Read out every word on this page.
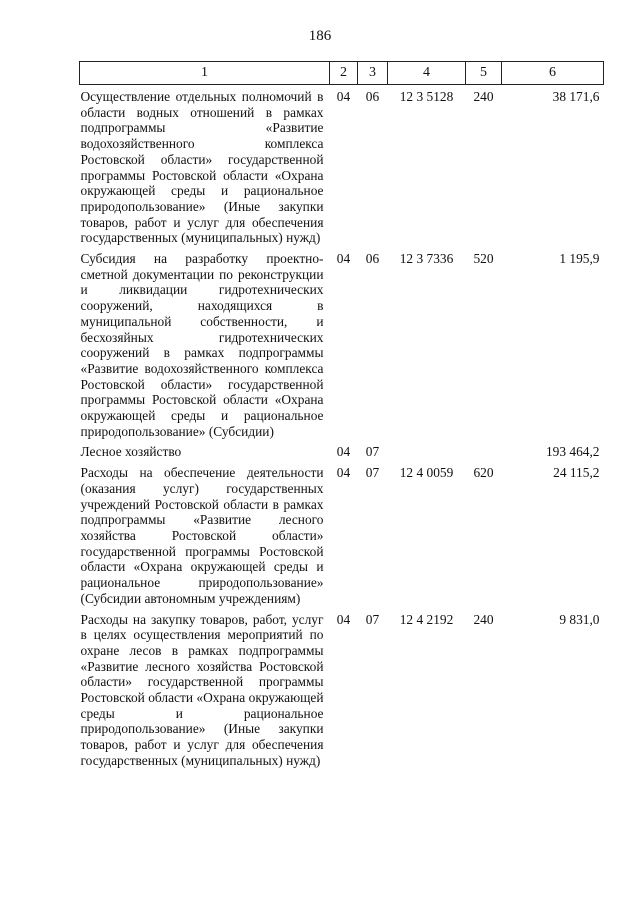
186
1	2	3	4	5	6
Осуществление отдельных полномочий в области водных отношений в рамках подпрограммы «Развитие водохозяйственного комплекса Ростовской области» государственной программы Ростовской области «Охрана окружающей среды и рациональное природопользование» (Иные закупки товаров, работ и услуг для обеспечения государственных (муниципальных) нужд)	04	06	12 3 5128	240	38 171,6
Субсидия на разработку проектно-сметной документации по реконструкции и ликвидации гидротехнических сооружений, находящихся в муниципальной собственности, и бесхозяйных гидротехнических сооружений в рамках подпрограммы «Развитие водохозяйственного комплекса Ростовской области» государственной программы Ростовской области «Охрана окружающей среды и рациональное природопользование» (Субсидии)	04	06	12 3 7336	520	1 195,9
Лесное хозяйство	04	07			193 464,2
Расходы на обеспечение деятельности (оказания услуг) государственных учреждений Ростовской области в рамках подпрограммы «Развитие лесного хозяйства Ростовской области» государственной программы Ростовской области «Охрана окружающей среды и рациональное природопользование» (Субсидии автономным учреждениям)	04	07	12 4 0059	620	24 115,2
Расходы на закупку товаров, работ, услуг в целях осуществления мероприятий по охране лесов в рамках подпрограммы «Развитие лесного хозяйства Ростовской области» государственной программы Ростовской области «Охрана окружающей среды и рациональное природопользование» (Иные закупки товаров, работ и услуг для обеспечения государственных (муниципальных) нужд)	04	07	12 4 2192	240	9 831,0
